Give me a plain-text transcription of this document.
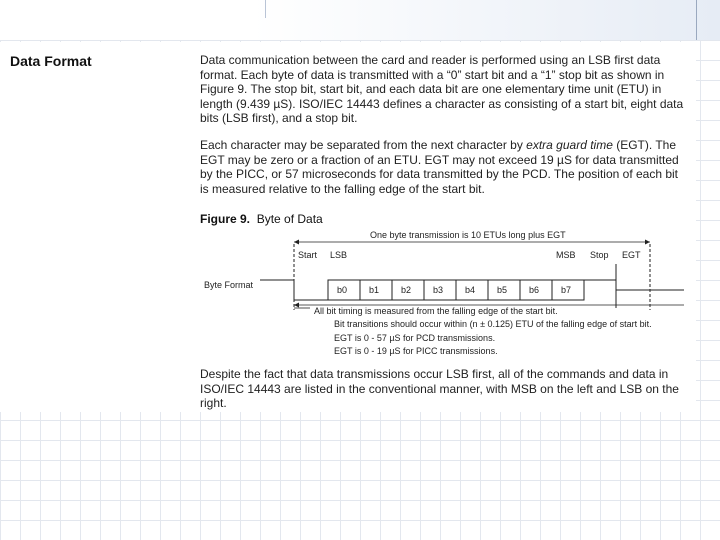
Data Format	Data communication between the card and reader is performed using an LSB first data format. Each byte of data is transmitted with a “0” start bit and a “1” stop bit as shown in Figure 9. The stop bit, start bit, and each data bit are one elementary time unit (ETU) in length (9.439 µS). ISO/IEC 14443 defines a character as consisting of a start bit, eight data bits (LSB first), and a stop bit.

Each character may be separated from the next character by extra guard time (EGT). The EGT may be zero or a fraction of an ETU. EGT may not exceed 19 µS for data transmitted by the PICC, or 57 microseconds for data transmitted by the PCD. The position of each bit is measured relative to the falling edge of the start bit.

Figure 9. Byte of Data
One byte transmission is 10 ETUs long plus EGT
Start LSB	MSB Stop EGT
Byte Format	b0 b1 b2 b3 b4 b5 b6 b7
All bit timing is measured from the falling edge of the start bit.
Bit transitions should occur within (n ± 0.125) ETU of the falling edge of start bit.
EGT is 0 - 57 µS for PCD transmissions.
EGT is 0 - 19 µS for PICC transmissions.

Despite the fact that data transmissions occur LSB first, all of the commands and data in ISO/IEC 14443 are listed in the conventional manner, with MSB on the left and LSB on the right.
